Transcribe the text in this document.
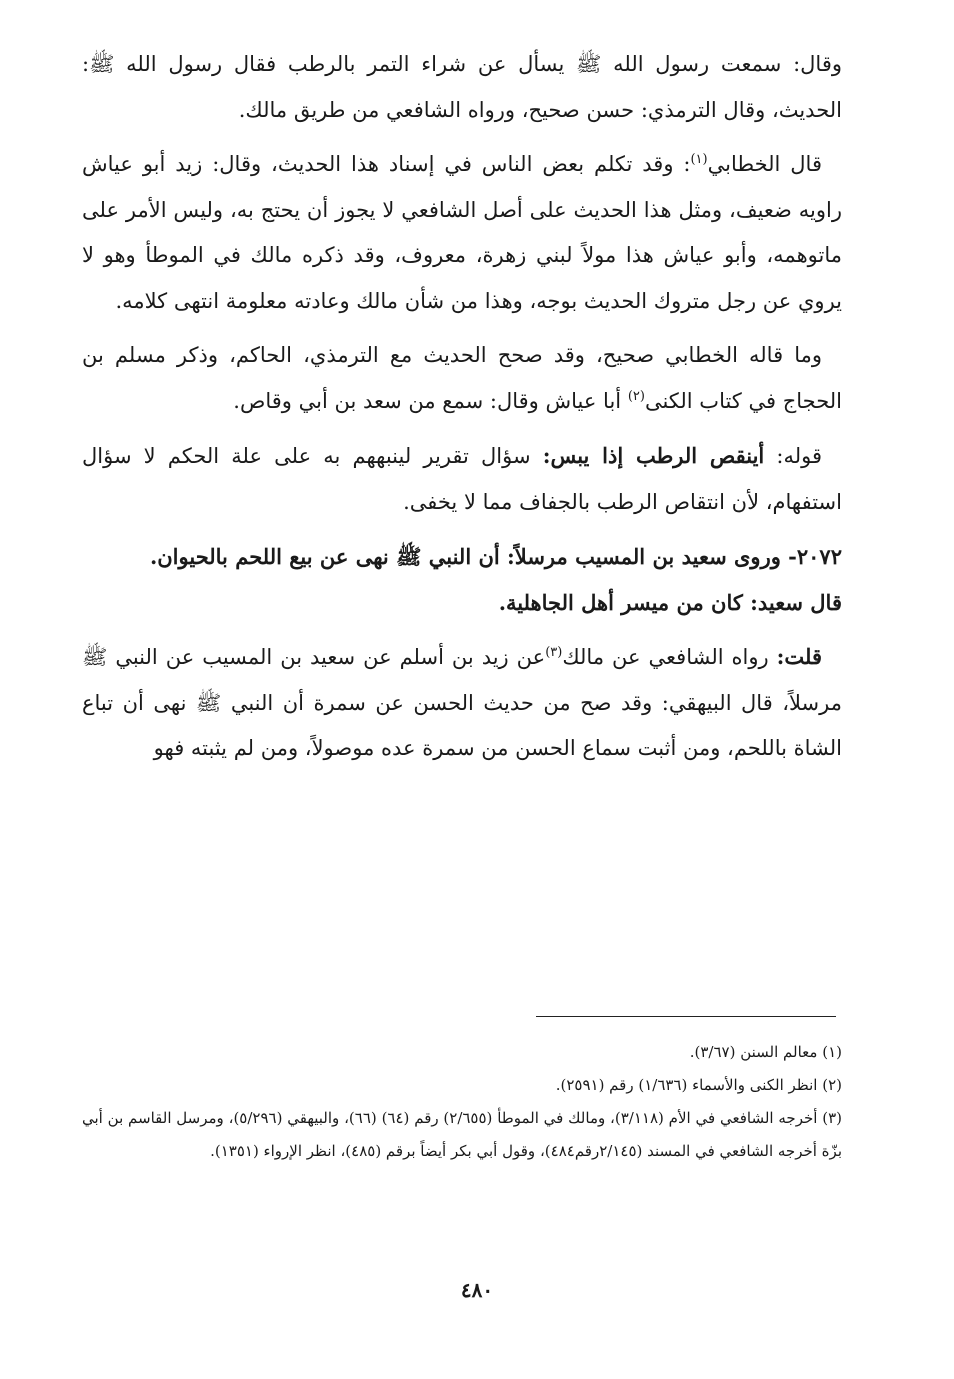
وقال: سمعت رسول الله ﷺ يسأل عن شراء التمر بالرطب فقال رسول الله ﷺ: الحديث، وقال الترمذي: حسن صحيح، ورواه الشافعي من طريق مالك.

قال الخطابي$^{(١)}$: وقد تكلم بعض الناس في إسناد هذا الحديث، وقال: زيد أبو عياش راويه ضعيف، ومثل هذا الحديث على أصل الشافعي لا يجوز أن يحتج به، وليس الأمر على ماتوهمه، وأبو عياش هذا مولاً لبني زهرة، معروف، وقد ذكره مالك في الموطأ وهو لا يروي عن رجل متروك الحديث بوجه، وهذا من شأن مالك وعادته معلومة انتهى كلامه.

وما قاله الخطابي صحيح، وقد صحح الحديث مع الترمذي، الحاكم، وذكر مسلم بن الحجاج في كتاب الكنى$^{(٢)}$ أبا عياش وقال: سمع من سعد بن أبي وقاص.

قوله: أينقص الرطب إذا يبس: سؤال تقرير لينبههم به على علة الحكم لا سؤال استفهام، لأن انتقاص الرطب بالجفاف مما لا يخفى.

٢٠٧٢- وروى سعيد بن المسيب مرسلاً: أن النبي ﷺ نهى عن بيع اللحم بالحيوان.
قال سعيد: كان من ميسر أهل الجاهلية.

قلت: رواه الشافعي عن مالك$^{(٣)}$عن زيد بن أسلم عن سعيد بن المسيب عن النبي ﷺ مرسلاً، قال البيهقي: وقد صح من حديث الحسن عن سمرة أن النبي ﷺ نهى أن تباع الشاة باللحم، ومن أثبت سماع الحسن من سمرة عده موصولاً، ومن لم يثبته فهو

(١) معالم السنن (٣/٦٧).

(٢) انظر الكنى والأسماء (١/٦٣٦) رقم (٢٥٩١).

(٣) أخرجه الشافعي في الأم (٣/١١٨)، ومالك في الموطأ (٢/٦٥٥) رقم (٦٤) (٦٦)، والبيهقي (٥/٢٩٦)، ومرسل القاسم بن أبي بزّة أخرجه الشافعي في المسند (٢/١٤٥رقم٤٨٤)، وقول أبي بكر أيضاً برقم (٤٨٥)، انظر الإرواء (١٣٥١).

٤٨٠
